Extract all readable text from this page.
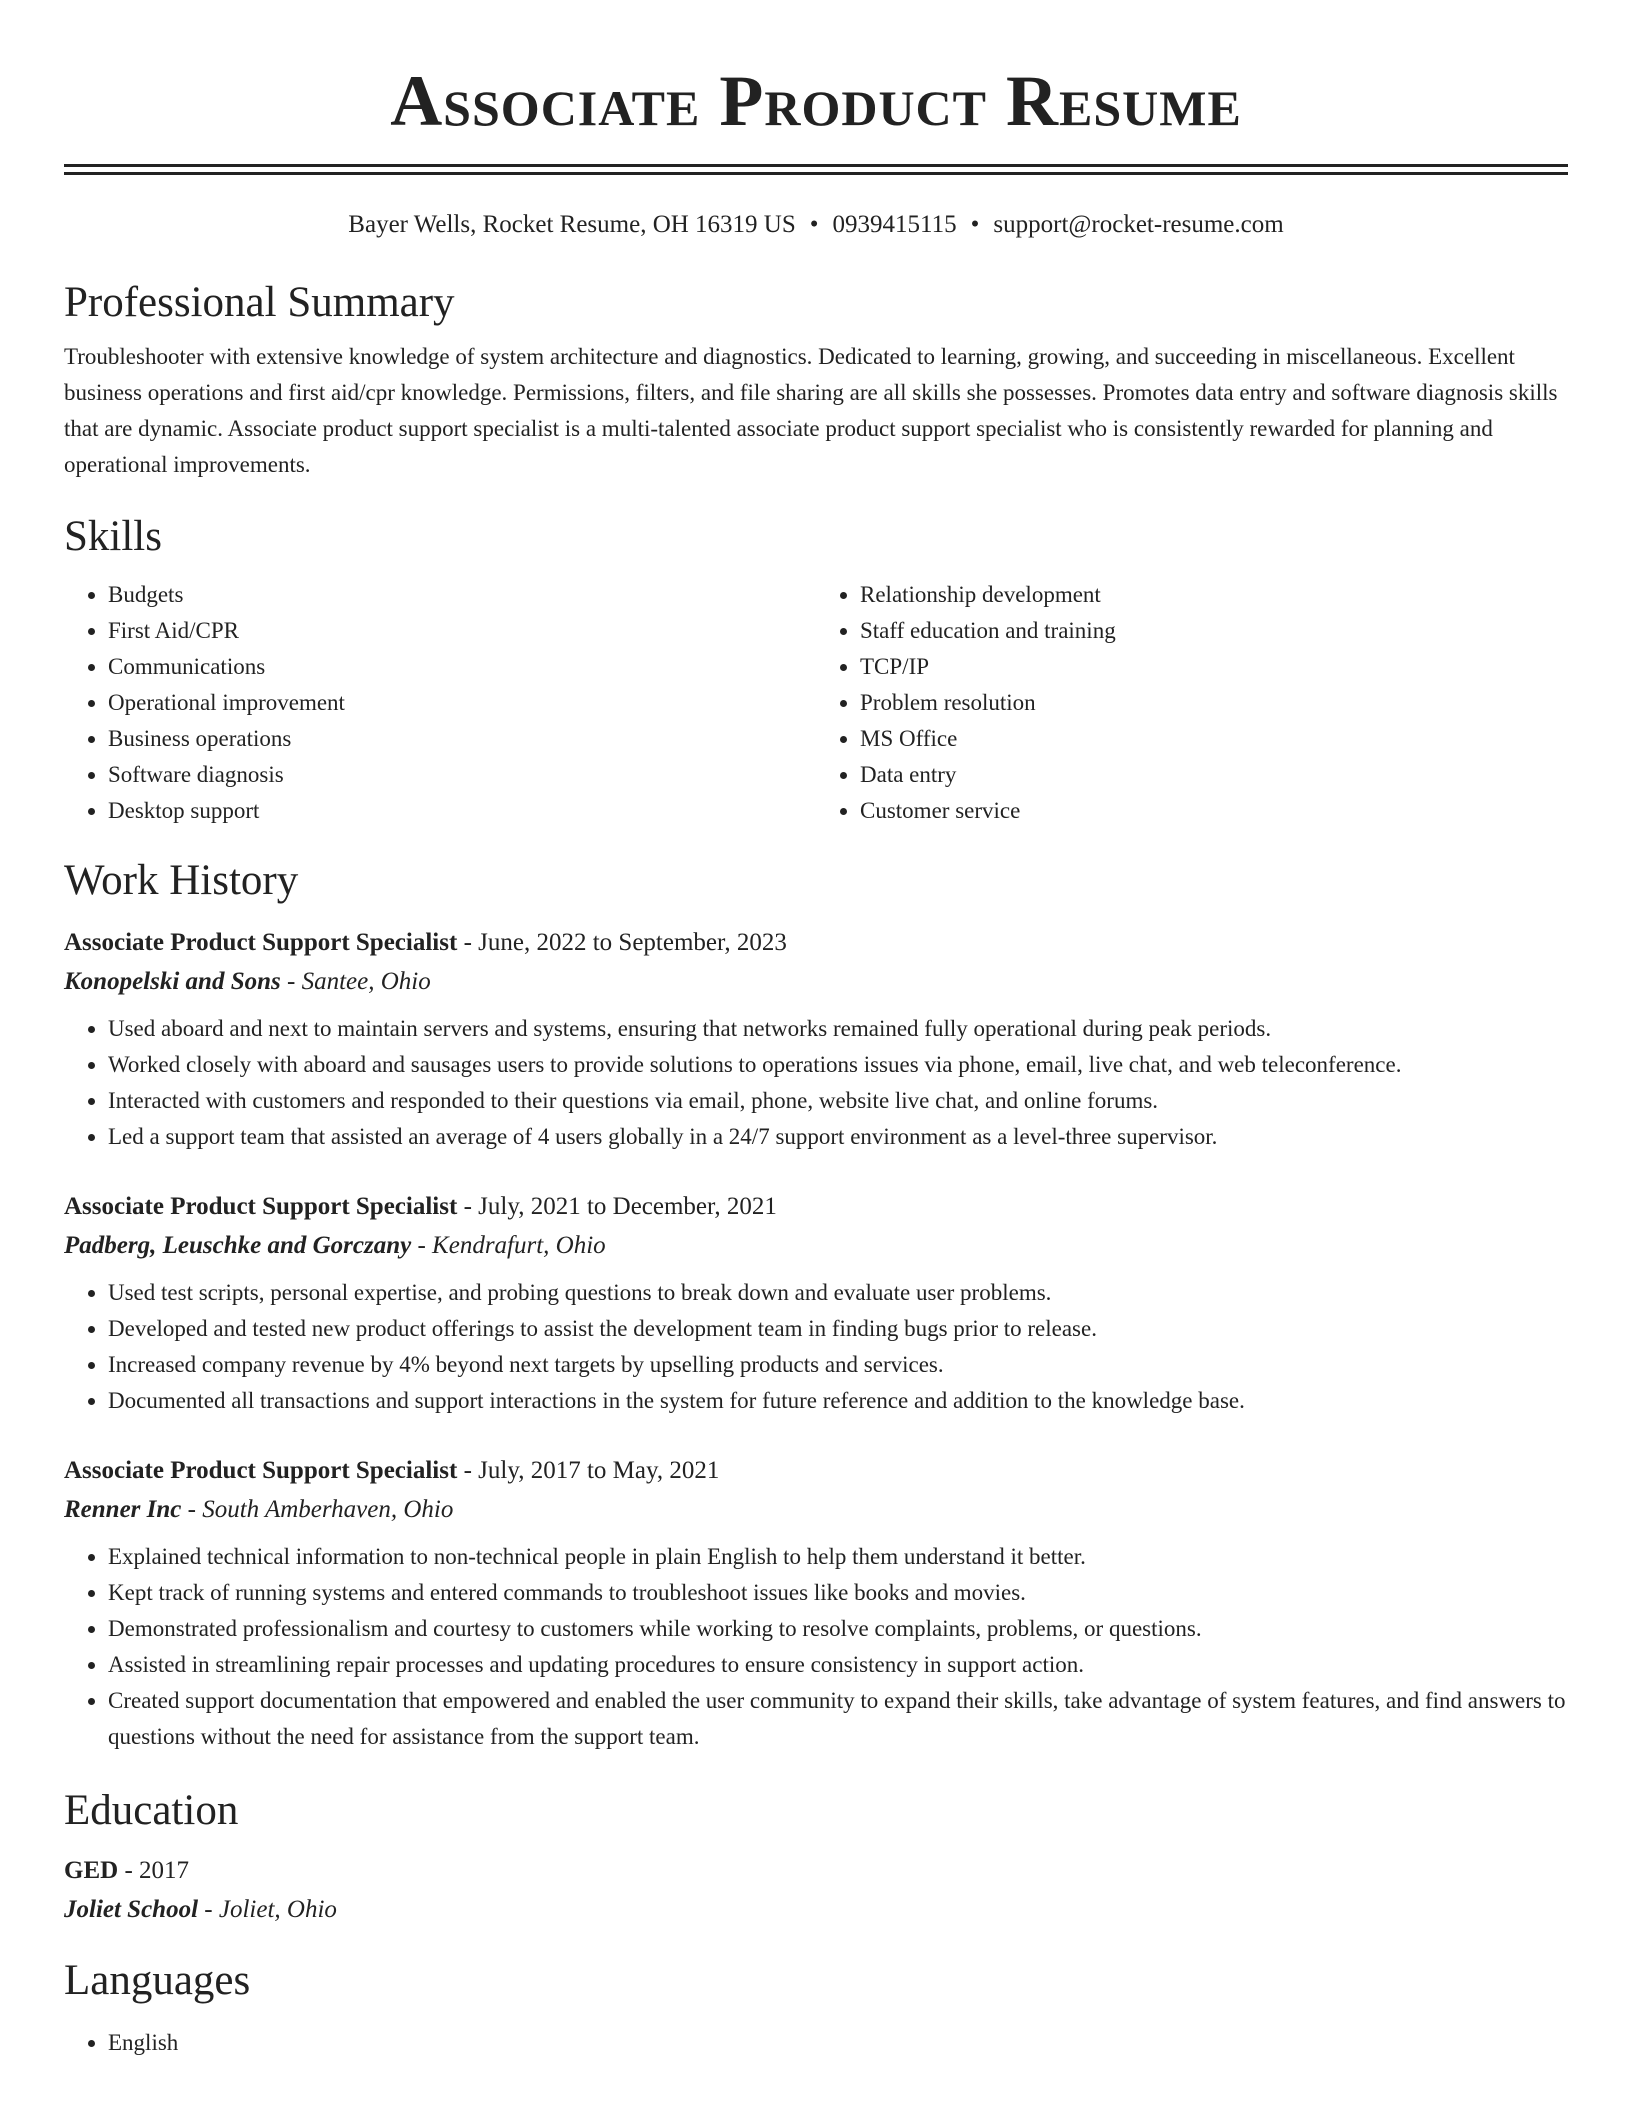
Associate Product Resume
Bayer Wells, Rocket Resume, OH 16319 US • 0939415115 • support@rocket-resume.com
Professional Summary

Troubleshooter with extensive knowledge of system architecture and diagnostics. Dedicated to learning, growing, and succeeding in miscellaneous. Excellent business operations and first aid/cpr knowledge. Permissions, filters, and file sharing are all skills she possesses. Promotes data entry and software diagnosis skills that are dynamic. Associate product support specialist is a multi-talented associate product support specialist who is consistently rewarded for planning and operational improvements.

Skills
• Budgets
• First Aid/CPR
• Communications
• Operational improvement
• Business operations
• Software diagnosis
• Desktop support
• Relationship development
• Staff education and training
• TCP/IP
• Problem resolution
• MS Office
• Data entry
• Customer service
Work History
Associate Product Support Specialist - June, 2022 to September, 2023
Konopelski and Sons - Santee, Ohio
• Used aboard and next to maintain servers and systems, ensuring that networks remained fully operational during peak periods.
• Worked closely with aboard and sausages users to provide solutions to operations issues via phone, email, live chat, and web teleconference.
• Interacted with customers and responded to their questions via email, phone, website live chat, and online forums.
• Led a support team that assisted an average of 4 users globally in a 24/7 support environment as a level-three supervisor.
Associate Product Support Specialist - July, 2021 to December, 2021
Padberg, Leuschke and Gorczany - Kendrafurt, Ohio
• Used test scripts, personal expertise, and probing questions to break down and evaluate user problems.
• Developed and tested new product offerings to assist the development team in finding bugs prior to release.
• Increased company revenue by 4% beyond next targets by upselling products and services.
• Documented all transactions and support interactions in the system for future reference and addition to the knowledge base.
Associate Product Support Specialist - July, 2017 to May, 2021
Renner Inc - South Amberhaven, Ohio
• Explained technical information to non-technical people in plain English to help them understand it better.
• Kept track of running systems and entered commands to troubleshoot issues like books and movies.
• Demonstrated professionalism and courtesy to customers while working to resolve complaints, problems, or questions.
• Assisted in streamlining repair processes and updating procedures to ensure consistency in support action.
• Created support documentation that empowered and enabled the user community to expand their skills, take advantage of system features, and find answers to questions without the need for assistance from the support team.
Education
GED - 2017
Joliet School - Joliet, Ohio
Languages
• English
